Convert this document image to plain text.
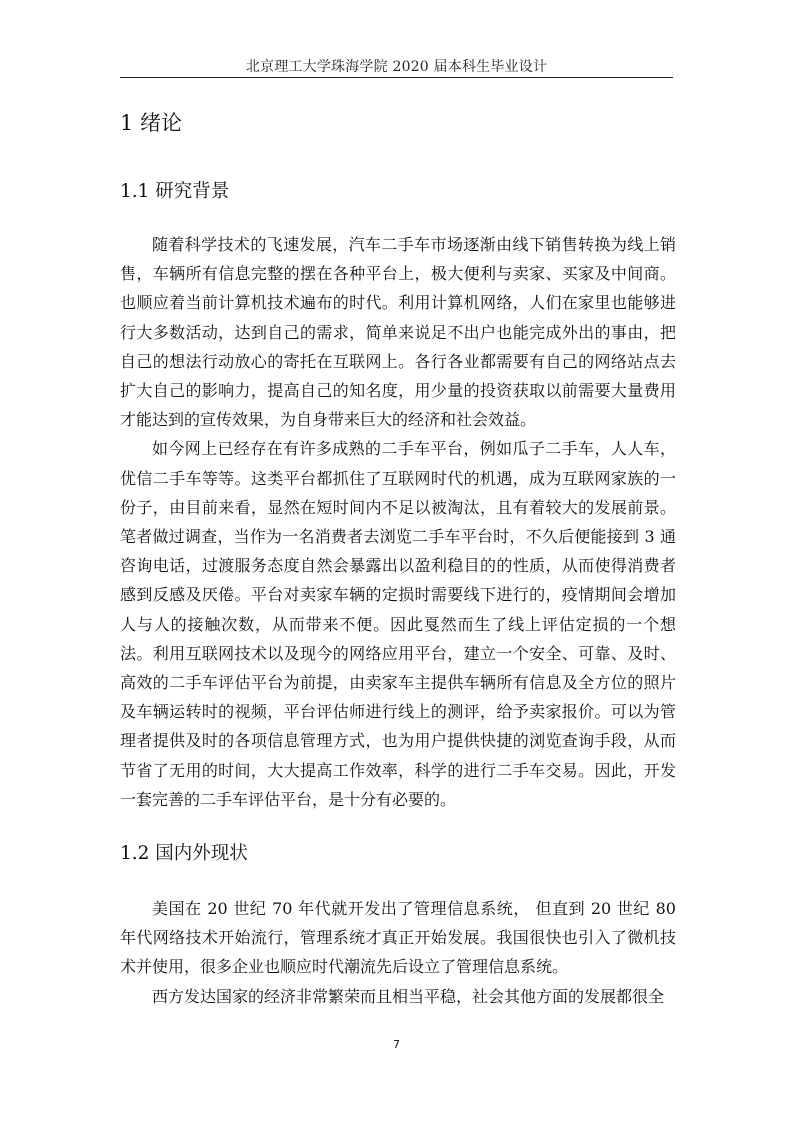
北京理工大学珠海学院 2020 届本科生毕业设计
1 绪论
1.1 研究背景

随着科学技术的飞速发展，汽车二手车市场逐渐由线下销售转换为线上销售，车辆所有信息完整的摆在各种平台上，极大便利与卖家、买家及中间商。也顺应着当前计算机技术遍布的时代。利用计算机网络，人们在家里也能够进行大多数活动，达到自己的需求，简单来说足不出户也能完成外出的事由，把自己的想法行动放心的寄托在互联网上。各行各业都需要有自己的网络站点去扩大自己的影响力，提高自己的知名度，用少量的投资获取以前需要大量费用才能达到的宣传效果，为自身带来巨大的经济和社会效益。

如今网上已经存在有许多成熟的二手车平台，例如瓜子二手车，人人车，优信二手车等等。这类平台都抓住了互联网时代的机遇，成为互联网家族的一份子，由目前来看，显然在短时间内不足以被淘汰，且有着较大的发展前景。笔者做过调查，当作为一名消费者去浏览二手车平台时，不久后便能接到 3 通咨询电话，过渡服务态度自然会暴露出以盈利稳目的的性质，从而使得消费者感到反感及厌倦。平台对卖家车辆的定损时需要线下进行的，疫情期间会增加人与人的接触次数，从而带来不便。因此戛然而生了线上评估定损的一个想法。利用互联网技术以及现今的网络应用平台，建立一个安全、可靠、及时、高效的二手车评估平台为前提，由卖家车主提供车辆所有信息及全方位的照片及车辆运转时的视频，平台评估师进行线上的测评，给予卖家报价。可以为管理者提供及时的各项信息管理方式，也为用户提供快捷的浏览查询手段，从而节省了无用的时间，大大提高工作效率，科学的进行二手车交易。因此，开发一套完善的二手车评估平台，是十分有必要的。

1.2 国内外现状

美国在 20 世纪 70 年代就开发出了管理信息系统， 但直到 20 世纪 80 年代网络技术开始流行，管理系统才真正开始发展。我国很快也引入了微机技术并使用，很多企业也顺应时代潮流先后设立了管理信息系统。

西方发达国家的经济非常繁荣而且相当平稳，社会其他方面的发展都很全

7
